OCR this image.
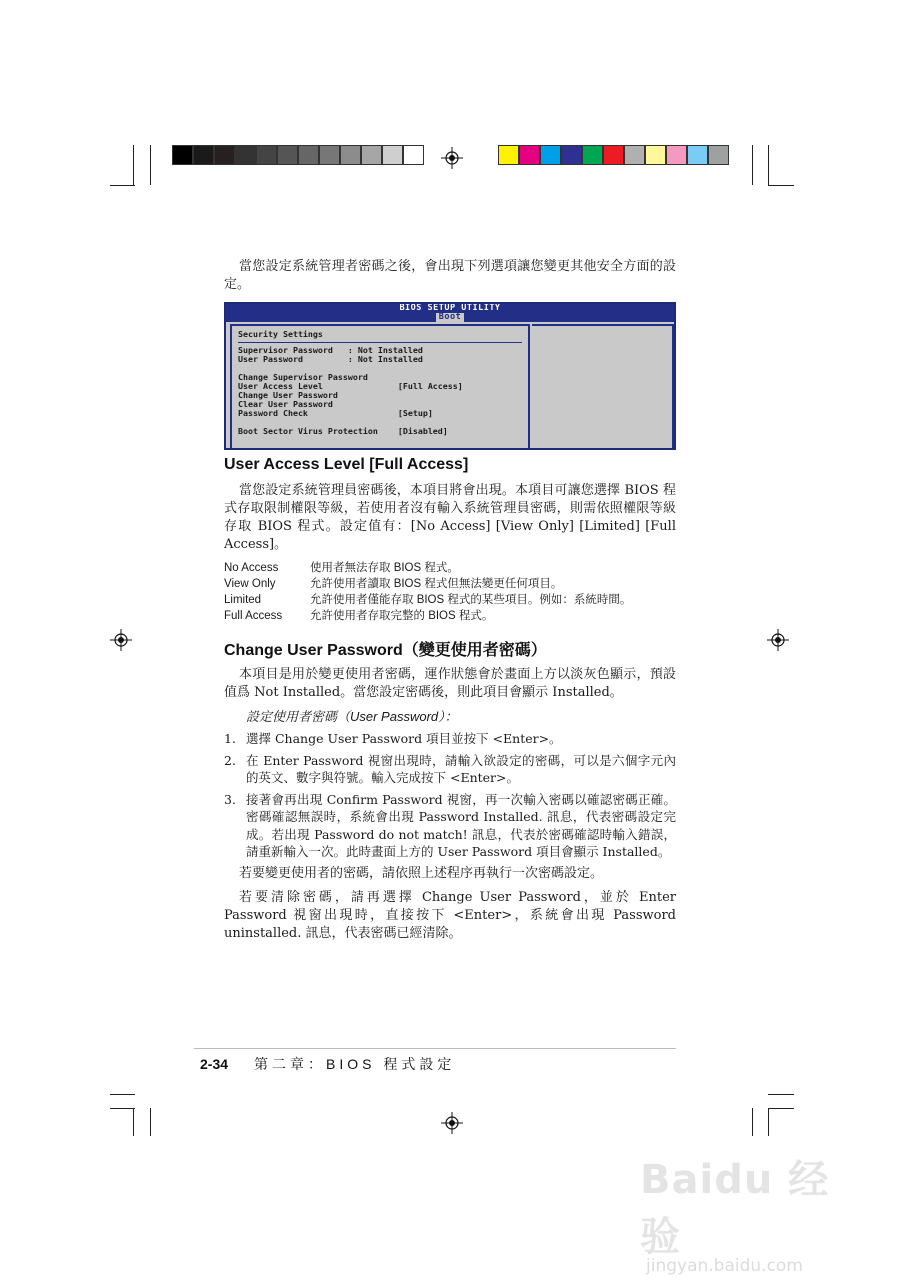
當您設定系統管理者密碼之後，會出現下列選項讓您變更其他安全方面的設定。

BIOS SETUP UTILITY
Boot
Security Settings
Supervisor Password   : Not Installed
User Password         : Not Installed
Change Supervisor Password
User Access Level               [Full Access]
Change User Password
Clear User Password
Password Check                  [Setup]
Boot Sector Virus Protection    [Disabled]

User Access Level [Full Access]

當您設定系統管理員密碼後，本項目將會出現。本項目可讓您選擇 BIOS 程式存取限制權限等級，若使用者沒有輸入系統管理員密碼，則需依照權限等級存取 BIOS 程式。設定值有：[No Access] [View Only] [Limited] [Full Access]。

No Access	使用者無法存取 BIOS 程式。
View Only	允許使用者讀取 BIOS 程式但無法變更任何項目。
Limited	允許使用者僅能存取 BIOS 程式的某些項目。例如：系統時間。
Full Access	允許使用者存取完整的 BIOS 程式。
Change User Password（變更使用者密碼）

本項目是用於變更使用者密碼，運作狀態會於畫面上方以淡灰色顯示，預設值爲 Not Installed。當您設定密碼後，則此項目會顯示 Installed。

設定使用者密碼（User Password）：
1. 選擇 Change User Password 項目並按下 <Enter>。
2. 在 Enter Password 視窗出現時，請輸入欲設定的密碼，可以是六個字元內的英文、數字與符號。輸入完成按下 <Enter>。
3. 接著會再出現 Confirm Password 視窗，再一次輸入密碼以確認密碼正確。密碼確認無誤時，系統會出現 Password Installed. 訊息，代表密碼設定完成。若出現 Password do not match! 訊息，代表於密碼確認時輸入錯誤，請重新輸入一次。此時畫面上方的 User Password 項目會顯示 Installed。

若要變更使用者的密碼，請依照上述程序再執行一次密碼設定。

若要清除密碼，請再選擇 Change User Password，並於 Enter Password 視窗出現時，直接按下 <Enter>，系統會出現 Password uninstalled. 訊息，代表密碼已經清除。

2-34 第二章：BIOS 程式設定
Baidu 经验
jingyan.baidu.com
